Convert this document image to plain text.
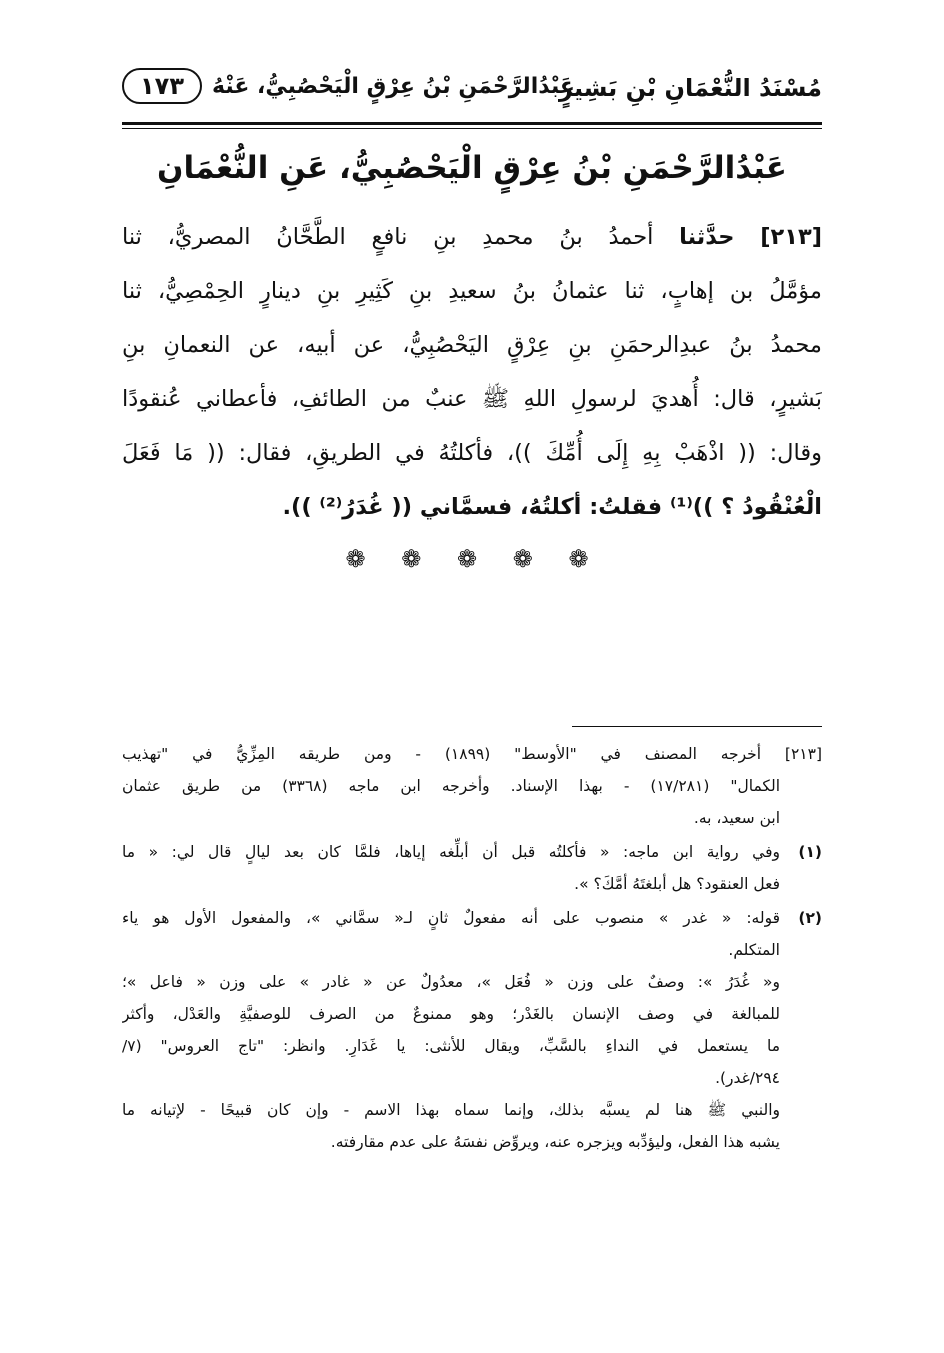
مُسْنَدُ النُّعْمَانِ بْنِ بَشِيرٍ
عَبْدُالرَّحْمَنِ بْنُ عِرْقٍ الْيَحْصُبِيُّ، عَنْهُ
١٧٣
عَبْدُالرَّحْمَنِ بْنُ عِرْقٍ الْيَحْصُبِيُّ، عَنِ النُّعْمَانِ
[٢١٣] حدَّثنا أحمدُ بنُ محمدِ بنِ نافعٍ الطَّحَّانُ المصريُّ، ثنا
مؤمَّلُ بن إهابٍ، ثنا عثمانُ بنُ سعيدِ بنِ كَثِيرِ بنِ دينارٍ الحِمْصِيُّ، ثنا
محمدُ بنُ عبدِالرحمَنِ بنِ عِرْقٍ اليَحْصُبِيُّ، عن أبيه، عن النعمانِ بنِ
بَشيرٍ، قال: أُهديَ لرسولِ اللهِ ﷺ عنبٌ من الطائفِ، فأعطاني عُنقودًا
وقال: (( اذْهَبْ بِهِ إِلَى أُمِّكَ ))، فأكلتُهُ في الطريقِ، فقال: (( مَا فَعَلَ
الْعُنْقُودُ ؟ ))⁽¹⁾ فقلتُ: أكلتُهُ، فسمَّاني (( غُدَرُ⁽²⁾ )).
❁ ❁ ❁ ❁ ❁
[٢١٣] أخرجه المصنف في "الأوسط" (١٨٩٩) - ومن طريقه المِزِّيُّ في "تهذيب
الكمال" (١٧/٢٨١) - بهذا الإسناد. وأخرجه ابن ماجه (٣٣٦٨) من طريق عثمان
ابن سعيد، به.
(١)
وفي رواية ابن ماجه: « فأكلتُه قبل أن أبلِّغه إياها، فلمَّا كان بعد ليالٍ قال لي: « ما
فعل العنقود؟ هل أبلغتَهُ أمَّكَ؟ ».
(٢)
قوله: « غدر » منصوب على أنه مفعولٌ ثانٍ لـ« سمَّاني »، والمفعول الأول هو ياء
المتكلم.
و« غُدَرُ »: وصفٌ على وزن « فُعَل »، معدُولٌ عن « غادر » على وزن « فاعل »؛
للمبالغة في وصف الإنسان بالغَدْر؛ وهو ممنوعٌ من الصرف للوصفيَّةِ والعَدْل، وأكثر
ما يستعمل في النداءِ بالسَّبِّ، ويقال للأنثى: يا غَدَارِ. وانظر: "تاج العروس" (٧/
٢٩٤/غدر).
والنبي ﷺ هنا لم يسبَّه بذلك، وإنما سماه بهذا الاسم - وإن كان قبيحًا - لإتيانه ما
يشبه هذا الفعل، وليؤدِّبه ويزجره عنه، ويروِّض نفسَهُ على عدم مقارفته.
